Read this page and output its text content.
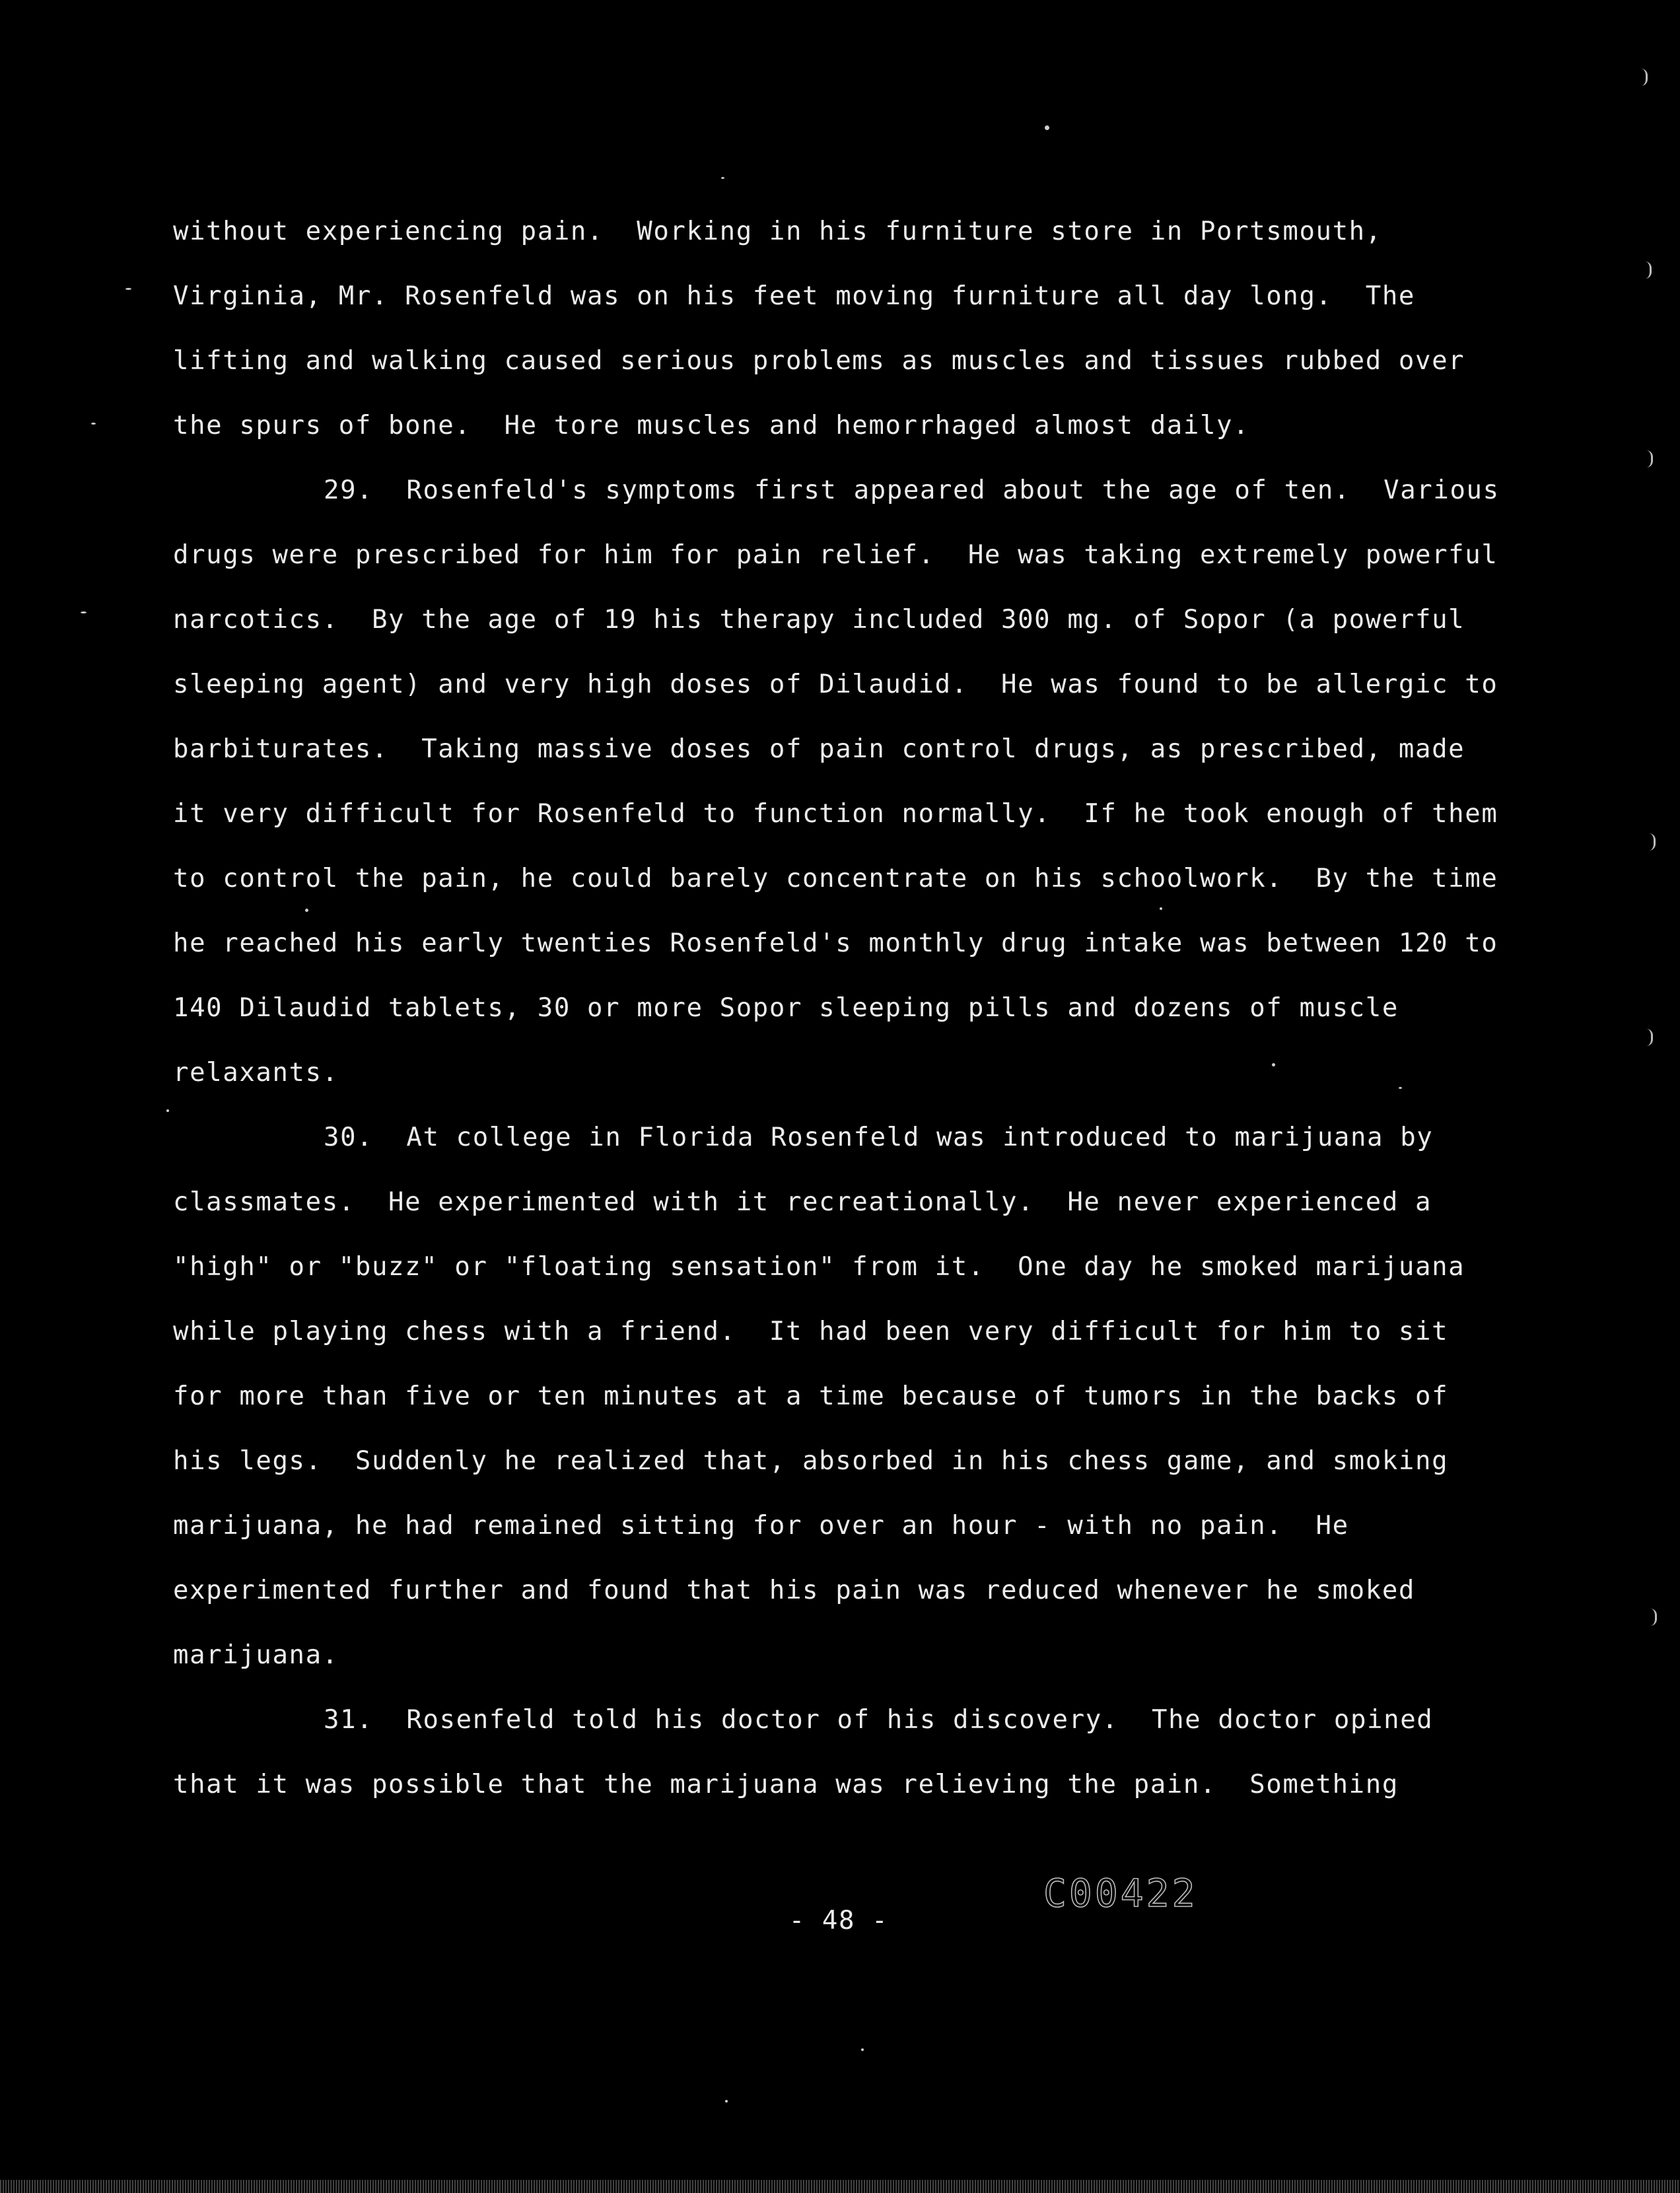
without experiencing pain.  Working in his furniture store in Portsmouth,
Virginia, Mr. Rosenfeld was on his feet moving furniture all day long.  The
lifting and walking caused serious problems as muscles and tissues rubbed over
the spurs of bone.  He tore muscles and hemorrhaged almost daily.
29. Rosenfeld's symptoms first appeared about the age of ten.  Various
drugs were prescribed for him for pain relief.  He was taking extremely powerful
narcotics.  By the age of 19 his therapy included 300 mg. of Sopor (a powerful
sleeping agent) and very high doses of Dilaudid.  He was found to be allergic to
barbiturates.  Taking massive doses of pain control drugs, as prescribed, made
it very difficult for Rosenfeld to function normally.  If he took enough of them
to control the pain, he could barely concentrate on his schoolwork.  By the time
he reached his early twenties Rosenfeld's monthly drug intake was between 120 to
140 Dilaudid tablets, 30 or more Sopor sleeping pills and dozens of muscle
relaxants.
30. At college in Florida Rosenfeld was introduced to marijuana by
classmates.  He experimented with it recreationally.  He never experienced a
"high" or "buzz" or "floating sensation" from it.  One day he smoked marijuana
while playing chess with a friend.  It had been very difficult for him to sit
for more than five or ten minutes at a time because of tumors in the backs of
his legs.  Suddenly he realized that, absorbed in his chess game, and smoking
marijuana, he had remained sitting for over an hour - with no pain.  He
experimented further and found that his pain was reduced whenever he smoked
marijuana.
31. Rosenfeld told his doctor of his discovery.  The doctor opined
that it was possible that the marijuana was relieving the pain.  Something
- 48 -
C00422
